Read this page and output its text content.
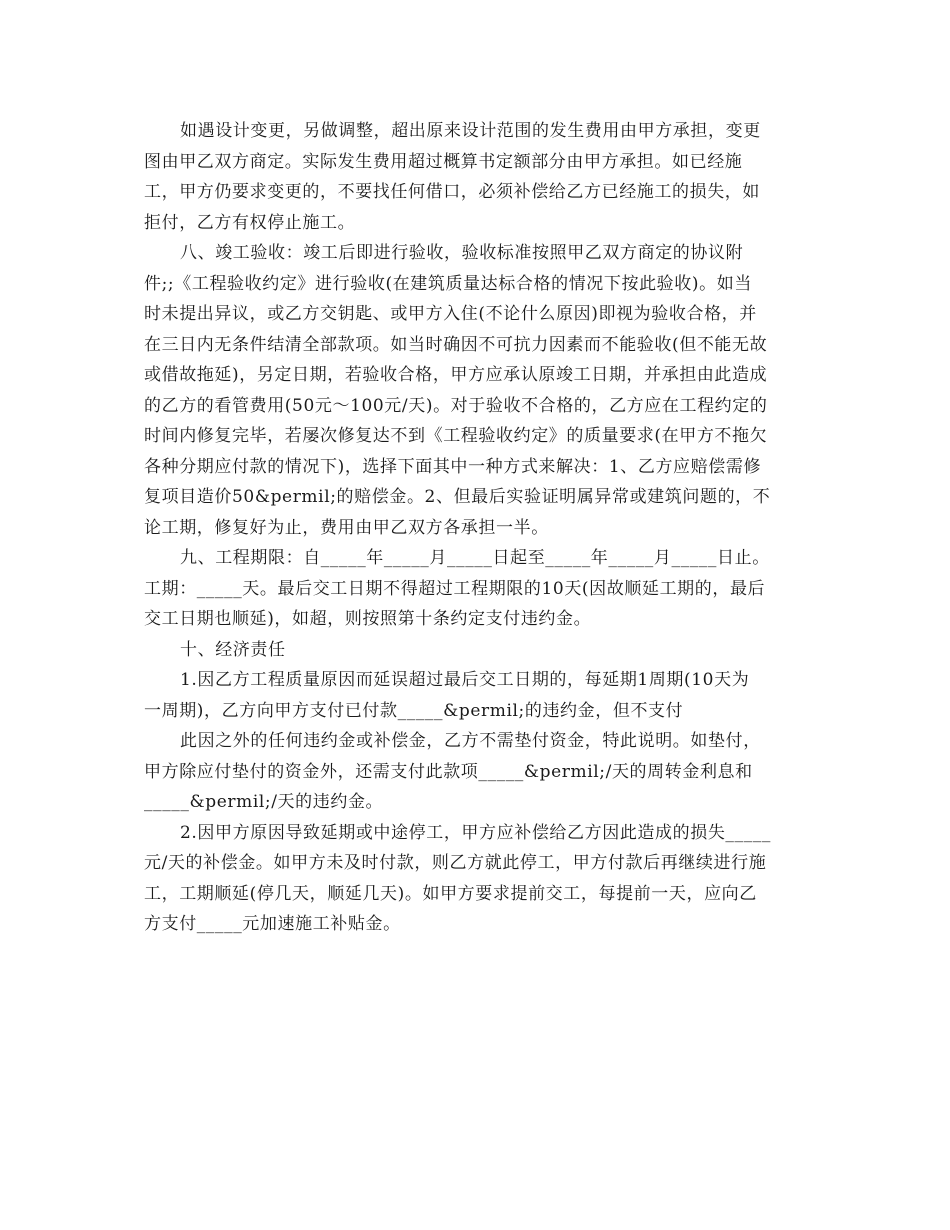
如遇设计变更，另做调整，超出原来设计范围的发生费用由甲方承担，变更

图由甲乙双方商定。实际发生费用超过概算书定额部分由甲方承担。如已经施

工，甲方仍要求变更的，不要找任何借口，必须补偿给乙方已经施工的损失，如

拒付，乙方有权停止施工。

八、竣工验收：竣工后即进行验收，验收标准按照甲乙双方商定的协议附

件;;《工程验收约定》进行验收(在建筑质量达标合格的情况下按此验收)。如当

时未提出异议，或乙方交钥匙、或甲方入住(不论什么原因)即视为验收合格，并

在三日内无条件结清全部款项。如当时确因不可抗力因素而不能验收(但不能无故

或借故拖延)，另定日期，若验收合格，甲方应承认原竣工日期，并承担由此造成

的乙方的看管费用(50元～100元/天)。对于验收不合格的，乙方应在工程约定的

时间内修复完毕，若屡次修复达不到《工程验收约定》的质量要求(在甲方不拖欠

各种分期应付款的情况下)，选择下面其中一种方式来解决：1、乙方应赔偿需修

复项目造价50&permil;的赔偿金。2、但最后实验证明属异常或建筑问题的，不

论工期，修复好为止，费用由甲乙双方各承担一半。

九、工程期限：自_____年_____月_____日起至_____年_____月_____日止。

工期：_____天。最后交工日期不得超过工程期限的10天(因故顺延工期的，最后

交工日期也顺延)，如超，则按照第十条约定支付违约金。

十、经济责任

1.因乙方工程质量原因而延误超过最后交工日期的，每延期1周期(10天为

一周期)，乙方向甲方支付已付款_____&permil;的违约金，但不支付

此因之外的任何违约金或补偿金，乙方不需垫付资金，特此说明。如垫付，

甲方除应付垫付的资金外，还需支付此款项_____&permil;/天的周转金利息和

_____&permil;/天的违约金。

2.因甲方原因导致延期或中途停工，甲方应补偿给乙方因此造成的损失_____

元/天的补偿金。如甲方未及时付款，则乙方就此停工，甲方付款后再继续进行施

工，工期顺延(停几天，顺延几天)。如甲方要求提前交工，每提前一天，应向乙

方支付_____元加速施工补贴金。
